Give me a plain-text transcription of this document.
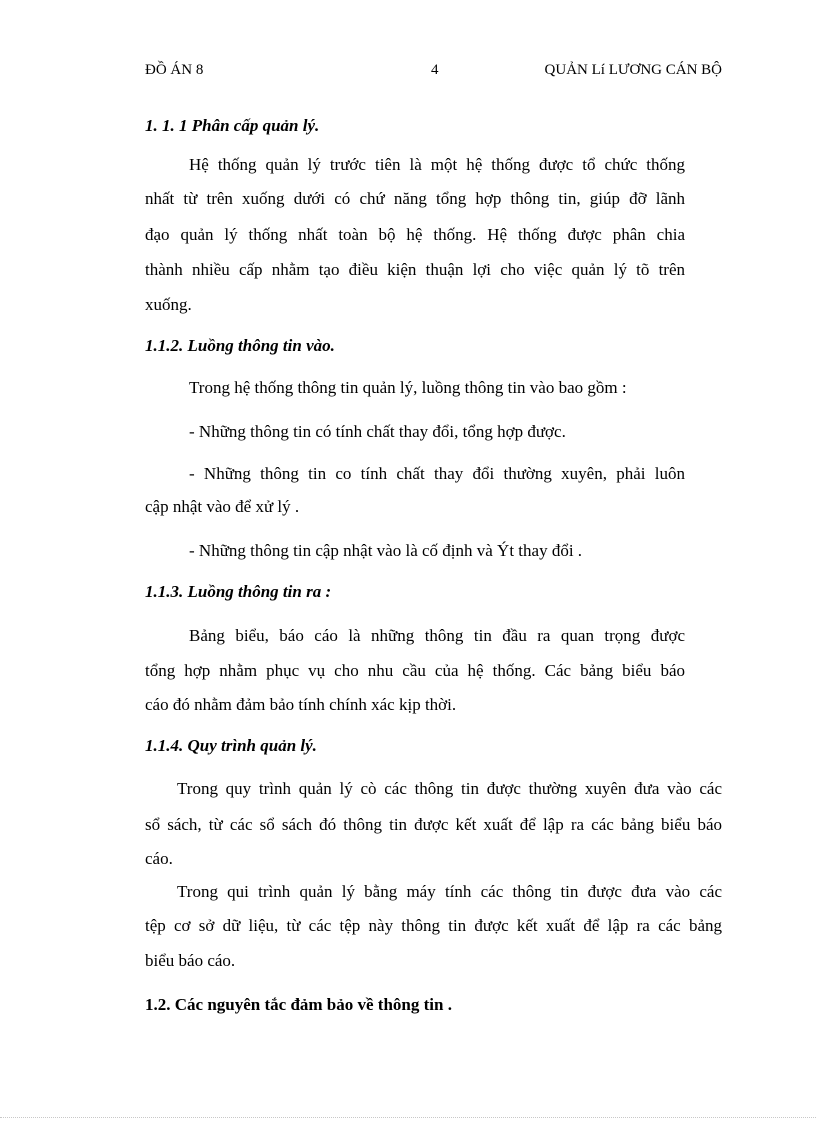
ĐỒ ÁN 8	4	QUẢN Lí LƯƠNG CÁN BỘ
1. 1. 1 Phân cấp quản lý.
Hệ thống quản lý trước tiên là một hệ thống được tổ chức thống
nhất từ trên xuống dưới có chứ năng tổng hợp thông tin, giúp đỡ lãnh
đạo quản lý thống nhất toàn bộ hệ thống. Hệ thống được phân chia
thành nhiều cấp nhằm tạo điều kiện thuận lợi cho việc quản lý tõ trên
xuống.
1.1.2. Luồng thông tin vào.
Trong hệ thống thông tin quản lý, luồng thông tin vào bao gồm :
- Những thông tin có tính chất thay đổi, tổng hợp được.
- Những thông tin co tính chất thay đổi thường xuyên, phải luôn
cập nhật vào để xử lý .
- Những thông tin cập nhật vào là cố định và Ýt thay đổi .
1.1.3. Luồng thông tin ra :
Bảng biểu, báo cáo là những thông tin đầu ra quan trọng được
tổng hợp nhằm phục vụ cho nhu cầu của hệ thống. Các bảng biểu báo
cáo đó nhằm đảm bảo tính chính xác kịp thời.
1.1.4. Quy trình quản lý.
Trong quy trình quản lý cò các thông tin được thường xuyên đưa vào các
sổ sách, từ các sổ sách đó thông tin được kết xuất để lập ra các bảng biểu báo
cáo.
Trong qui trình quản lý bằng máy tính các thông tin được đưa vào các
tệp cơ sở dữ liệu, từ các tệp này thông tin được kết xuất để lập ra các bảng
biểu báo cáo.
1.2. Các nguyên tắc đảm bảo về thông tin .
